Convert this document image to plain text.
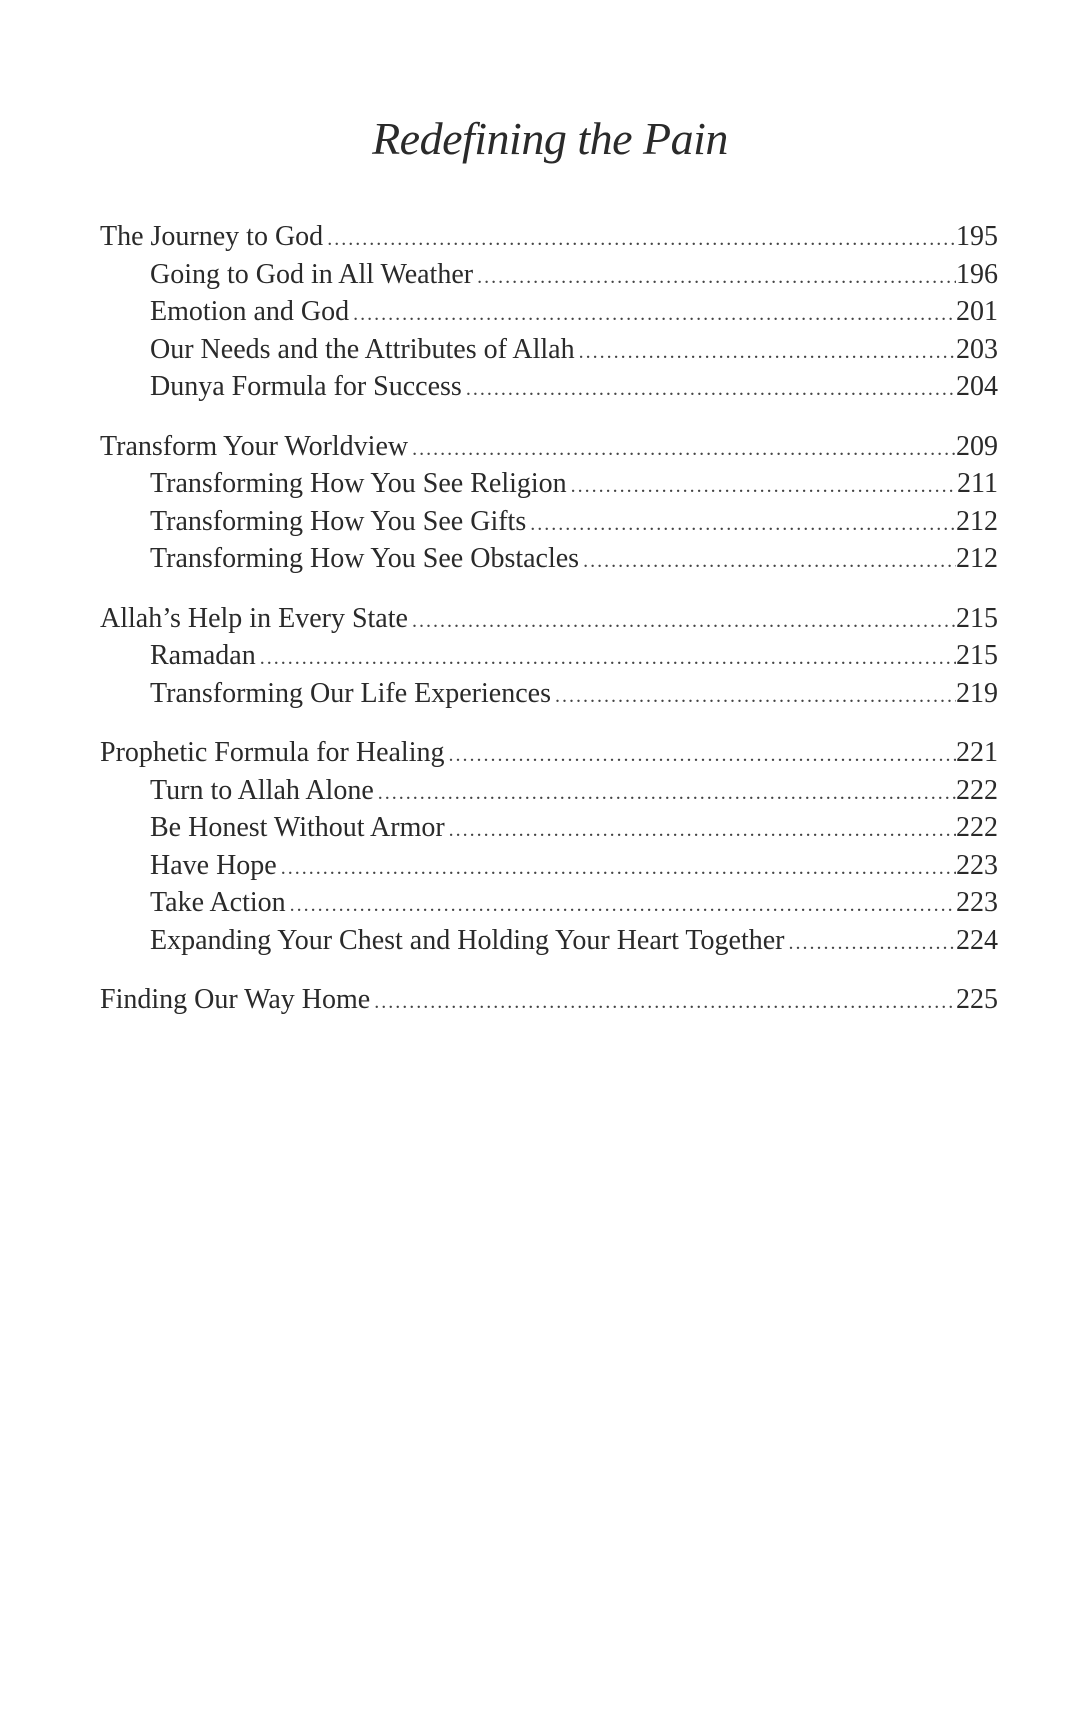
Redefining the Pain
The Journey to God .....	195
Going to God in All Weather .....	196
Emotion and God .....	201
Our Needs and the Attributes of Allah .....	203
Dunya Formula for Success .....	204
Transform Your Worldview .....	209
Transforming How You See Religion .....	211
Transforming How You See Gifts .....	212
Transforming How You See Obstacles .....	212
Allah’s Help in Every State .....	215
Ramadan .....	215
Transforming Our Life Experiences .....	219
Prophetic Formula for Healing .....	221
Turn to Allah Alone .....	222
Be Honest Without Armor .....	222
Have Hope .....	223
Take Action .....	223
Expanding Your Chest and Holding Your Heart Together .....	224
Finding Our Way Home .....	225
